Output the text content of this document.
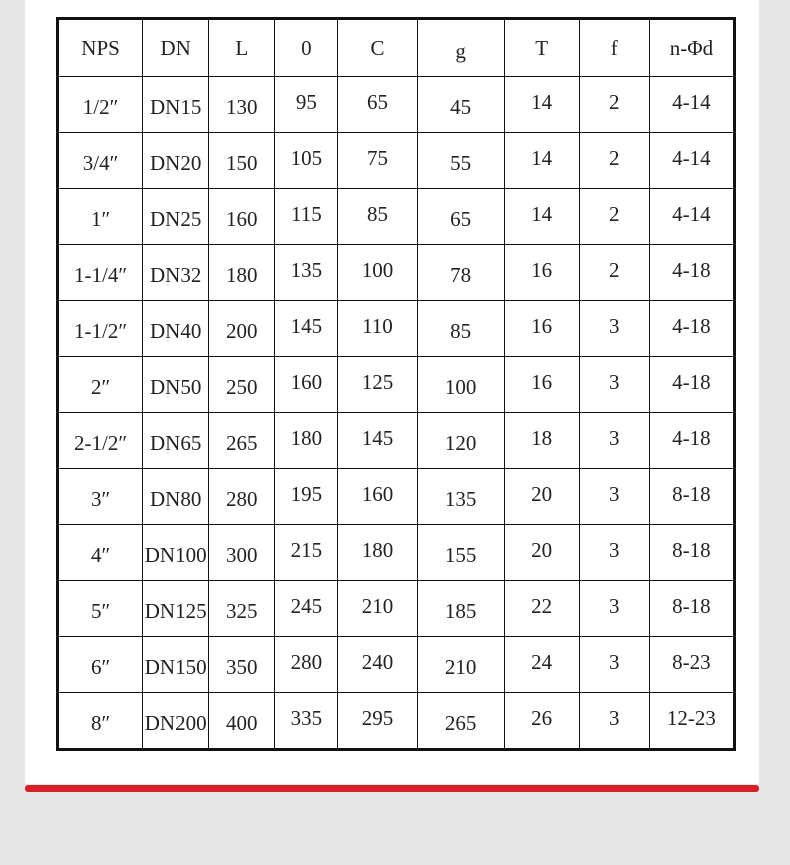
NPS	DN	L	0	C	g	T	f	n-Φd
1/2″	DN15	130	95	65	45	14	2	4-14
3/4″	DN20	150	105	75	55	14	2	4-14
1″	DN25	160	115	85	65	14	2	4-14
1-1/4″	DN32	180	135	100	78	16	2	4-18
1-1/2″	DN40	200	145	110	85	16	3	4-18
2″	DN50	250	160	125	100	16	3	4-18
2-1/2″	DN65	265	180	145	120	18	3	4-18
3″	DN80	280	195	160	135	20	3	8-18
4″	DN100	300	215	180	155	20	3	8-18
5″	DN125	325	245	210	185	22	3	8-18
6″	DN150	350	280	240	210	24	3	8-23
8″	DN200	400	335	295	265	26	3	12-23
